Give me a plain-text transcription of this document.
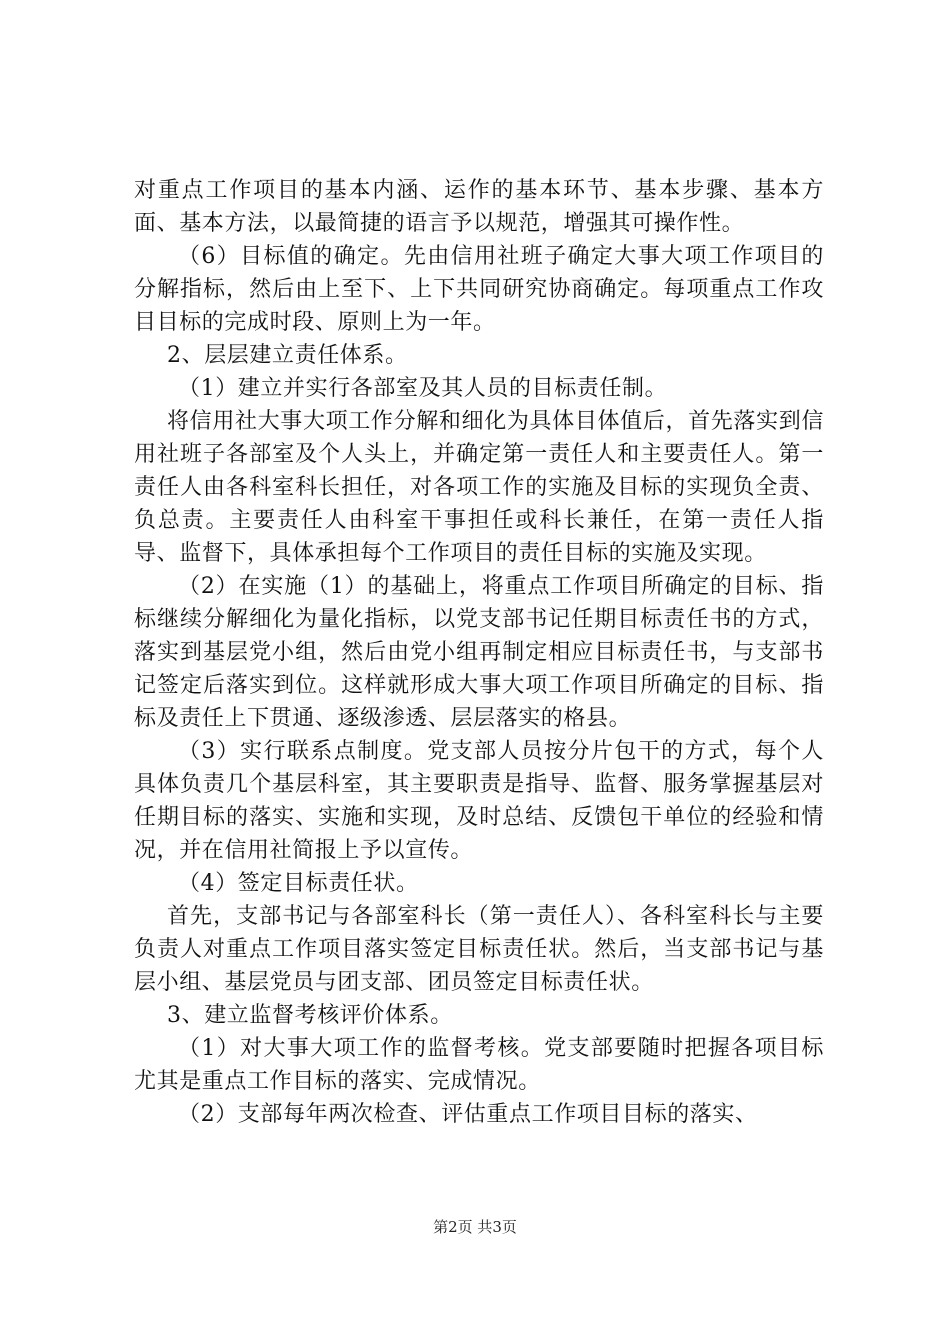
对重点工作项目的基本内涵、运作的基本环节、基本步骤、基本方面、基本方法，以最简捷的语言予以规范，增强其可操作性。

（6）目标值的确定。先由信用社班子确定大事大项工作项目的分解指标，然后由上至下、上下共同研究协商确定。每项重点工作攻目目标的完成时段、原则上为一年。

2、层层建立责任体系。

（1）建立并实行各部室及其人员的目标责任制。

将信用社大事大项工作分解和细化为具体目体值后，首先落实到信用社班子各部室及个人头上，并确定第一责任人和主要责任人。第一责任人由各科室科长担任，对各项工作的实施及目标的实现负全责、负总责。主要责任人由科室干事担任或科长兼任，在第一责任人指导、监督下，具体承担每个工作项目的责任目标的实施及实现。

（2）在实施（1）的基础上，将重点工作项目所确定的目标、指标继续分解细化为量化指标，以党支部书记任期目标责任书的方式，落实到基层党小组，然后由党小组再制定相应目标责任书，与支部书记签定后落实到位。这样就形成大事大项工作项目所确定的目标、指标及责任上下贯通、逐级渗透、层层落实的格县。

（3）实行联系点制度。党支部人员按分片包干的方式，每个人具体负责几个基层科室，其主要职责是指导、监督、服务掌握基层对任期目标的落实、实施和实现，及时总结、反馈包干单位的经验和情况，并在信用社简报上予以宣传。

（4）签定目标责任状。

首先，支部书记与各部室科长（第一责任人）、各科室科长与主要负责人对重点工作项目落实签定目标责任状。然后，当支部书记与基层小组、基层党员与团支部、团员签定目标责任状。

3、建立监督考核评价体系。

（1）对大事大项工作的监督考核。党支部要随时把握各项目标尤其是重点工作目标的落实、完成情况。

（2）支部每年两次检查、评估重点工作项目目标的落实、

第2页 共3页
